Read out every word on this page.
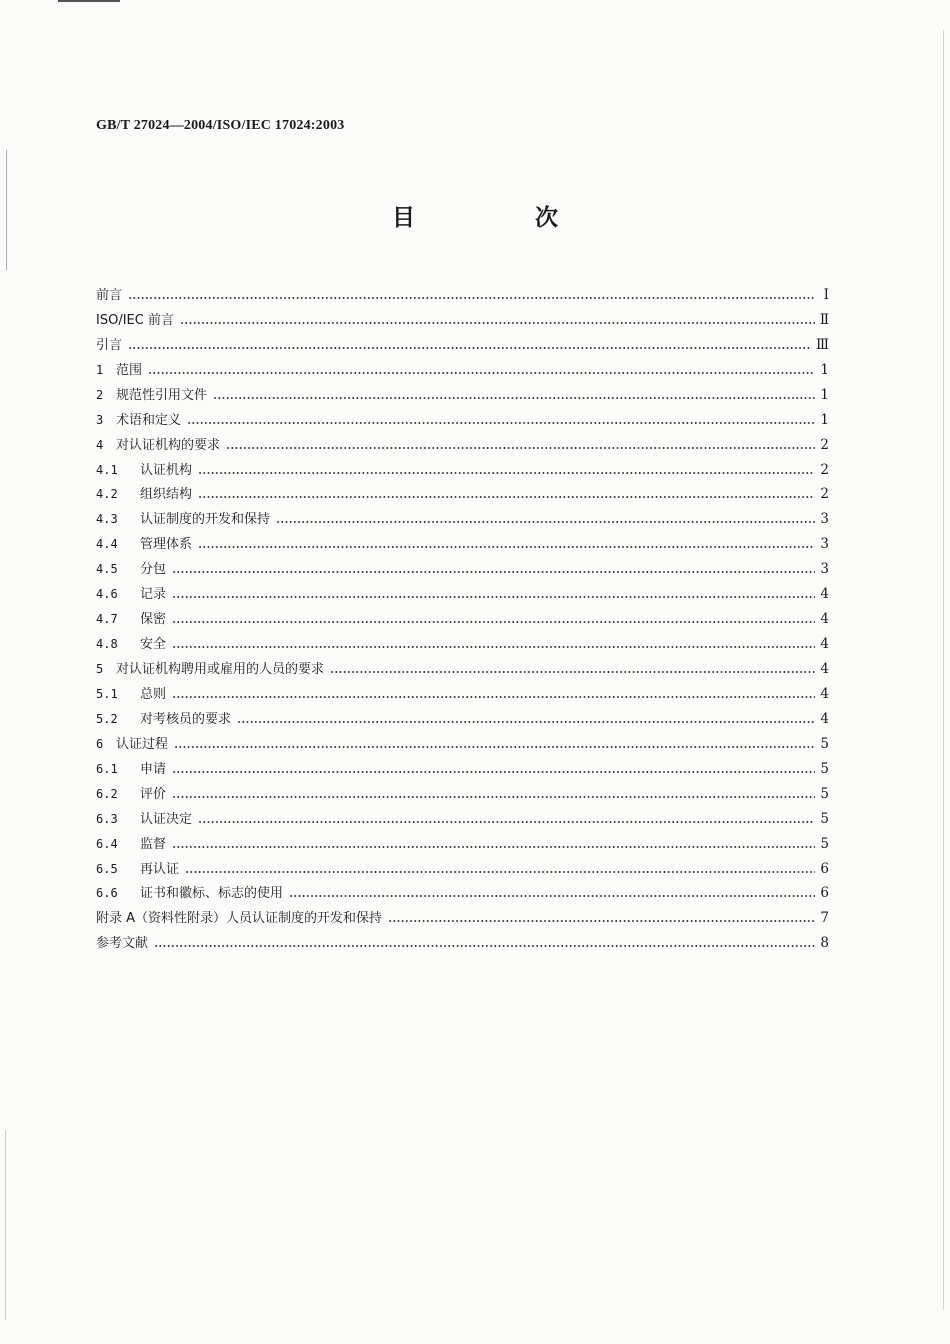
GB/T 27024—2004/ISO/IEC 17024:2003
目 次
前言	Ⅰ
ISO/IEC 前言	Ⅱ
引言	Ⅲ
1 范围	1
2 规范性引用文件	1
3 术语和定义	1
4 对认证机构的要求	2
4.1 认证机构	2
4.2 组织结构	2
4.3 认证制度的开发和保持	3
4.4 管理体系	3
4.5 分包	3
4.6 记录	4
4.7 保密	4
4.8 安全	4
5 对认证机构聘用或雇用的人员的要求	4
5.1 总则	4
5.2 对考核员的要求	4
6 认证过程	5
6.1 申请	5
6.2 评价	5
6.3 认证决定	5
6.4 监督	5
6.5 再认证	6
6.6 证书和徽标、标志的使用	6
附录 A（资料性附录）人员认证制度的开发和保持	7
参考文献	8
